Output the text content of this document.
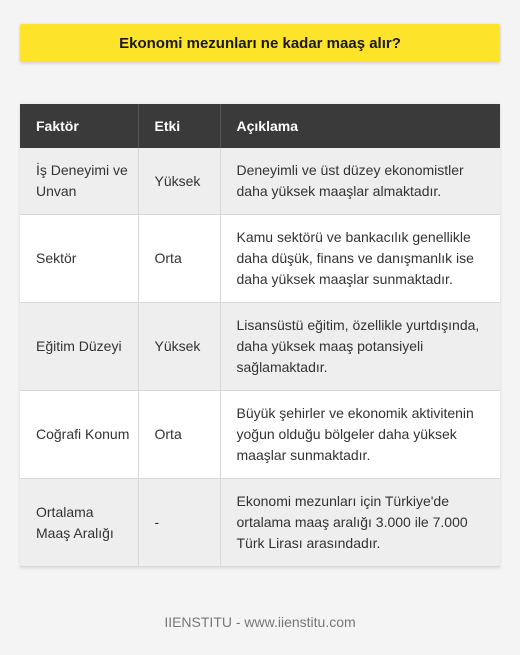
Ekonomi mezunları ne kadar maaş alır?
Faktör	Etki	Açıklama
İş Deneyimi ve Unvan	Yüksek	Deneyimli ve üst düzey ekonomistler daha yüksek maaşlar almaktadır.
Sektör	Orta	Kamu sektörü ve bankacılık genellikle daha düşük, finans ve danışmanlık ise daha yüksek maaşlar sunmaktadır.
Eğitim Düzeyi	Yüksek	Lisansüstü eğitim, özellikle yurtdışında, daha yüksek maaş potansiyeli sağlamaktadır.
Coğrafi Konum	Orta	Büyük şehirler ve ekonomik aktivitenin yoğun olduğu bölgeler daha yüksek maaşlar sunmaktadır.
Ortalama Maaş Aralığı	-	Ekonomi mezunları için Türkiye'de ortalama maaş aralığı 3.000 ile 7.000 Türk Lirası arasındadır.
IIENSTITU - www.iienstitu.com
